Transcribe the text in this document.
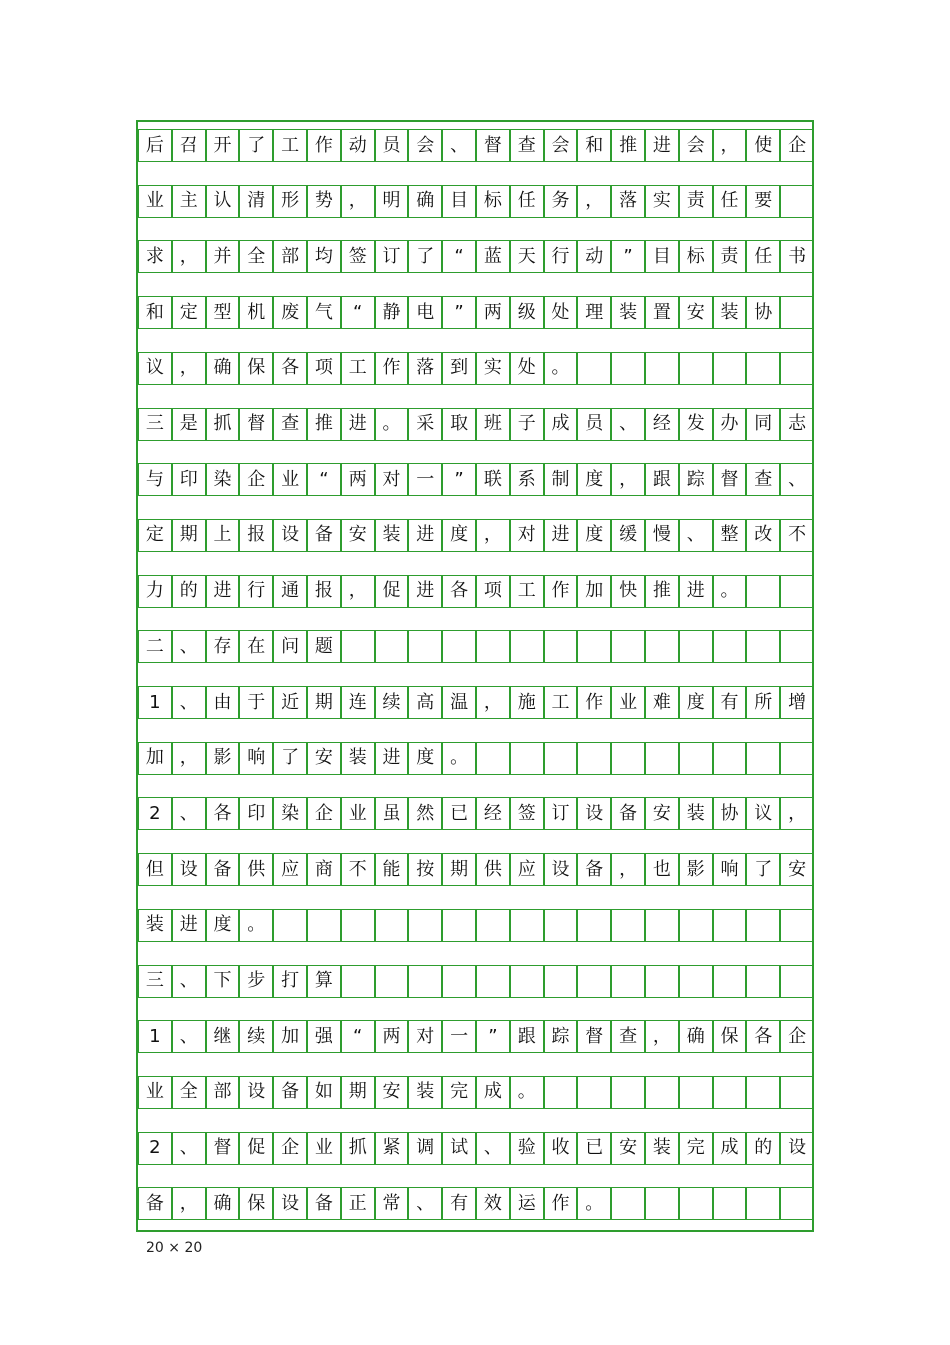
后 召 开 了 工 作 动 员 会 、 督 查 会 和 推 进 会 ， 使 企
业 主 认 清 形 势 ， 明 确 目 标 任 务 ， 落 实 责 任 要
求 ， 并 全 部 均 签 订 了	“	蓝 天 行 动	”	目 标 责 任 书
和 定 型 机 废 气	“	静 电	”	两 级 处 理 装 置 安 装 协
议 ， 确 保 各 项 工 作 落 到 实 处 。
三 是 抓 督 查 推 进 。 采 取 班 子 成 员 、 经 发 办 同 志
与 印 染 企 业	“	两 对 一	”	联 系 制 度 ， 跟 踪 督 查 、
定 期 上 报 设 备 安 装 进 度 ， 对 进 度 缓 慢 、 整 改 不
力 的 进 行 通 报 ， 促 进 各 项 工 作 加 快 推 进 。
二 、 存 在 问 题
1	、 由 于 近 期 连 续 高 温 ， 施 工 作 业 难 度 有 所 增
加 ， 影 响 了 安 装 进 度 。
2	、 各 印 染 企 业 虽 然 已 经 签 订 设 备 安 装 协 议 ，
但 设 备 供 应 商 不 能 按 期 供 应 设 备 ， 也 影 响 了 安
装 进 度 。
三 、 下 步 打 算
1	、 继 续 加 强	“	两 对 一	”	跟 踪 督 查 ， 确 保 各 企
业 全 部 设 备 如 期 安 装 完 成 。
2	、 督 促 企 业 抓 紧 调 试 、 验 收 已 安 装 完 成 的 设
备 ， 确 保 设 备 正 常 、 有 效 运 作 。
20 × 20
